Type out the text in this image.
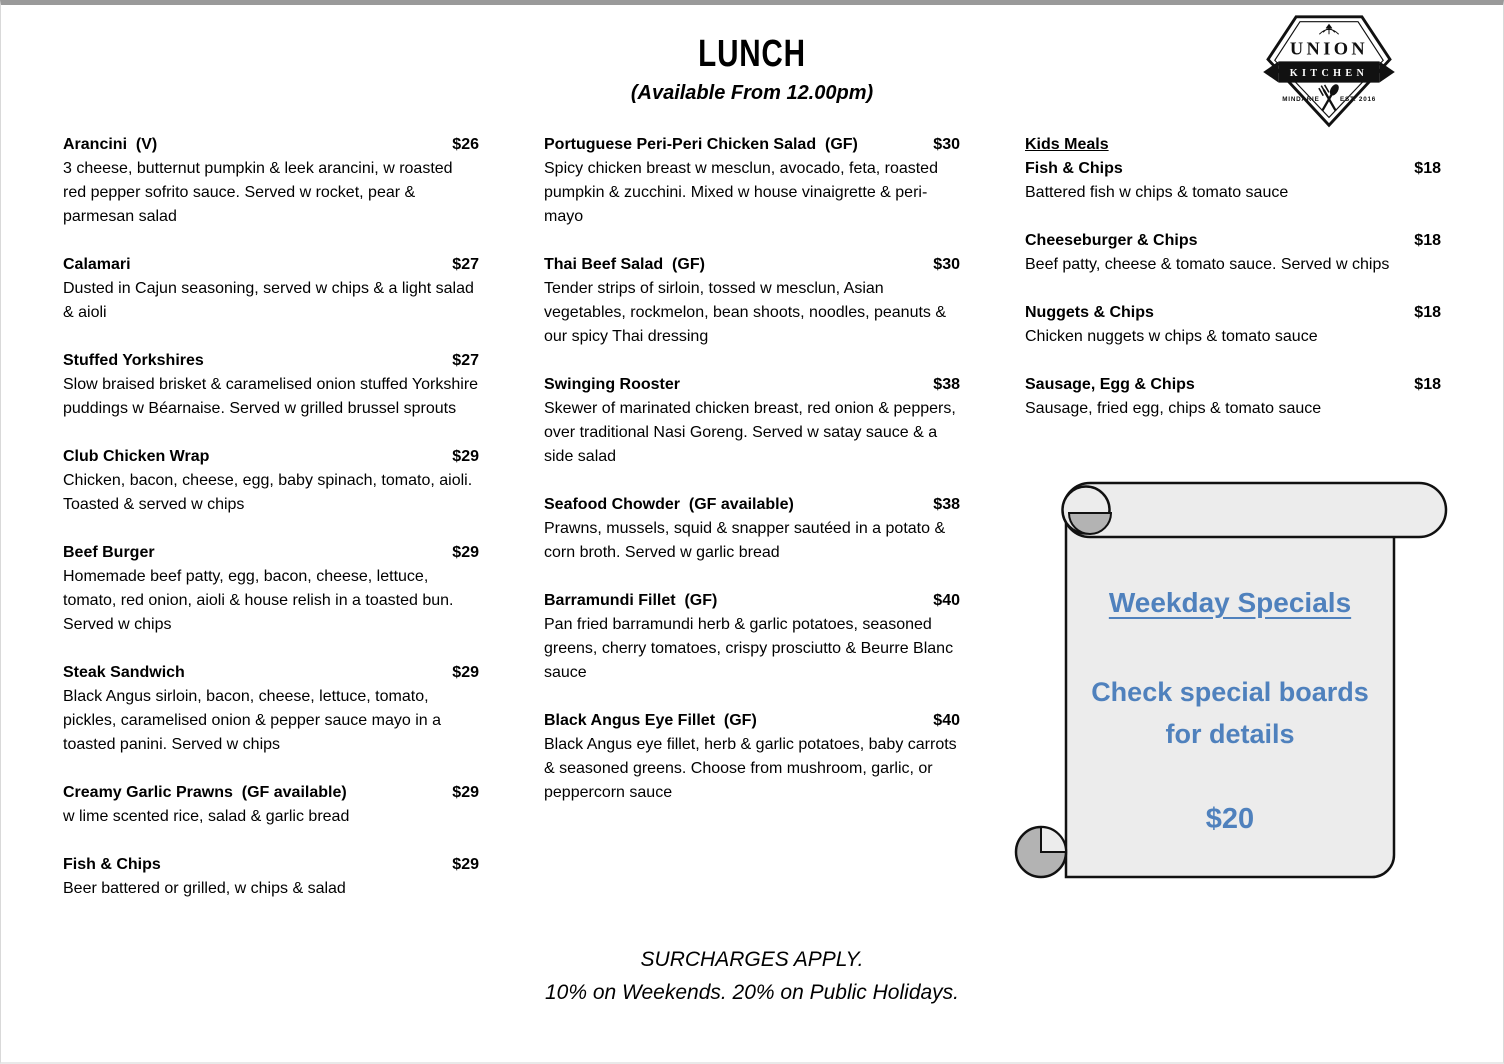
LUNCH
(Available From 12.00pm)
UNION
KITCHEN
MINDARIE	EST. 2016
Arancini  (V)	$26
3 cheese, butternut pumpkin & leek arancini, w roasted red pepper sofrito sauce. Served w rocket, pear & parmesan salad
Calamari	$27
Dusted in Cajun seasoning, served w chips & a light salad & aioli
Stuffed Yorkshires	$27
Slow braised brisket & caramelised onion stuffed Yorkshire puddings w Béarnaise. Served w grilled brussel sprouts
Club Chicken Wrap	$29
Chicken, bacon, cheese, egg, baby spinach, tomato, aioli. Toasted & served w chips
Beef Burger	$29
Homemade beef patty, egg, bacon, cheese, lettuce, tomato, red onion, aioli & house relish in a toasted bun. Served w chips
Steak Sandwich	$29
Black Angus sirloin, bacon, cheese, lettuce, tomato, pickles, caramelised onion & pepper sauce mayo in a toasted panini. Served w chips
Creamy Garlic Prawns  (GF available)	$29
w lime scented rice, salad & garlic bread
Fish & Chips	$29
Beer battered or grilled, w chips & salad
Portuguese Peri-Peri Chicken Salad  (GF)	$30
Spicy chicken breast w mesclun, avocado, feta, roasted pumpkin & zucchini. Mixed w house vinaigrette & peri-mayo
Thai Beef Salad  (GF)	$30
Tender strips of sirloin, tossed w mesclun, Asian vegetables, rockmelon, bean shoots, noodles, peanuts & our spicy Thai dressing
Swinging Rooster	$38
Skewer of marinated chicken breast, red onion & peppers, over traditional Nasi Goreng. Served w satay sauce & a side salad
Seafood Chowder  (GF available)	$38
Prawns, mussels, squid & snapper sautéed in a potato & corn broth. Served w garlic bread
Barramundi Fillet  (GF)	$40
Pan fried barramundi herb & garlic potatoes, seasoned greens, cherry tomatoes, crispy prosciutto & Beurre Blanc sauce
Black Angus Eye Fillet  (GF)	$40
Black Angus eye fillet, herb & garlic potatoes, baby carrots & seasoned greens. Choose from mushroom, garlic, or peppercorn sauce
Kids Meals
Fish & Chips	$18
Battered fish w chips & tomato sauce
Cheeseburger & Chips	$18
Beef patty, cheese & tomato sauce. Served w chips
Nuggets & Chips	$18
Chicken nuggets w chips & tomato sauce
Sausage, Egg & Chips	$18
Sausage, fried egg, chips & tomato sauce
Weekday Specials
Check special boards
for details
$20
SURCHARGES APPLY.
10% on Weekends. 20% on Public Holidays.
